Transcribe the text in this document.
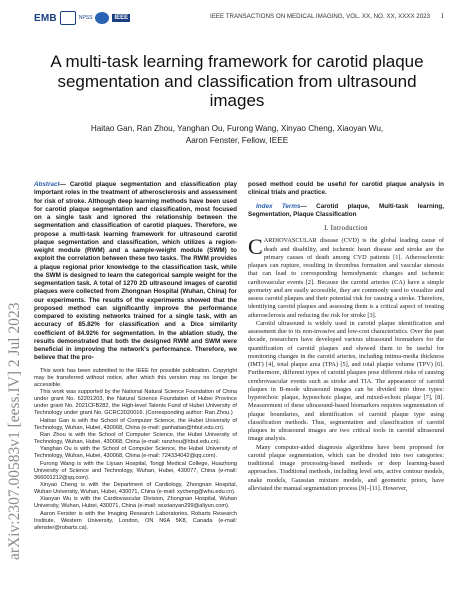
EMB	NPSS	IEEE	IEEE TRANSACTIONS ON MEDICAL IMAGING, VOL. XX, NO. XX, XXXX 2023 1
arXiv:2307.00583v1 [eess.IV] 2 Jul 2023
A multi-task learning framework for carotid plaque segmentation and classification from ultrasound images
Haitao Gan, Ran Zhou, Yanghan Ou, Furong Wang, Xinyao Cheng, Xiaoyan Wu,
Aaron Fenster, Fellow, IEEE

Abstract— Carotid plaque segmentation and classification play important roles in the treatment of atherosclerosis and assessment for risk of stroke. Although deep learning methods have been used for carotid plaque segmentation and classification, most focused on a single task and ignored the relationship between the segmentation and classification of carotid plaques. Therefore, we propose a multi-task learning framework for ultrasound carotid plaque segmentation and classification, which utilizes a region-weight module (RWM) and a sample-weight module (SWM) to exploit the correlation between these two tasks. The RWM provides a plaque regional prior knowledge to the classification task, while the SWM is designed to learn the categorical sample weight for the segmentation task. A total of 1270 2D ultrasound images of carotid plaques were collected from Zhongnan Hospital (Wuhan, China) for our experiments. The results of the experiments showed that the proposed method can significantly improve the performance compared to existing networks trained for a single task, with an accuracy of 85.82% for classification and a Dice similarity coefficient of 84.92% for segmentation. In the ablation study, the results demonstrated that both the designed RWM and SWM were beneficial in improving the network's performance. Therefore, we believe that the pro-

This work has been submitted to the IEEE for possible publication. Copyright may be transferred without notice, after which this version may no longer be accessible.

This work was supported by the National Natural Science Foundation of China under grant No. 62201203, the Natural Science Foundation of Hubei Province under grant No. 2021CFB282, the High-level Talents Fund of Hubei University of Technology under grant No. GCRC2020016. (Corresponding author: Ran Zhou.)

Haitao Gan is with the School of Computer Science, the Hubei University of Technology, Wuhan, Hubei, 430068, China (e-mail: ganhaitao@hbut.edu.cn).

Ran Zhou is with the School of Computer Science, the Hubei University of Technology, Wuhan, Hubei, 430068, China (e-mail: ranzhou@hbut.edu.cn).

Yanghan Ou is with the School of Computer Science, the Hubei University of Technology, Wuhan, Hubei, 430068, China (e-mail: 724334042@qq.com).

Furong Wang is with the Liyuan Hospital, Tongji Medical College, Huazhong University of Science and Technology, Wuhan, Hubei, 430077, China (e-mail: 366001212@qq.com).

Xinyao Cheng is with the Department of Cardiology, Zhongnan Hospital, Wuhan University, Wuhan, Hubei, 430071, China (e-mail: xycheng@whu.edu.cn).

Xiaoyan Wu is with the Cardiovascular Division, Zhongnan Hospital, Wuhan University, Wuhan, Hubei, 430071, China (e-mail: wuxiaoyan299@aliyun.com).

Aaron Fenster is with the Imaging Research Laboratories, Robarts Research Institute, Western University, London, ON N6A 5K8, Canada (e-mail: afenster@robarts.ca).

posed method could be useful for carotid plaque analysis in clinical trials and practice.

Index Terms— Carotid plaque, Multi-task learning, Segmentation, Plaque Classification

I. Introduction

CARDIOVASCULAR disease (CVD) is the global leading cause of death and disability, and ischemic heart disease and stroke are the primary causes of death among CVD patients [1]. Atherosclerotic plaques can rupture, resulting in thrombus formation and vascular stenosis that can lead to corresponding hemodynamic changes and ischemic cardiovascular events [2]. Because the carotid arteries (CA) have a simple geometry and are easily accessible, they are commonly used to visualize and assess carotid plaques and their potential risk for causing a stroke. Therefore, identifying carotid plaques and assessing them is a critical aspect of treating atherosclerosis and reducing the risk for stroke [3].

Carotid ultrasound is widely used in carotid plaque identification and assessment due to its non-invasive and low-cost characteristics. Over the past decade, researchers have developed various ultrasound biomarkers for the quantification of carotid plaques and showed them to be useful for monitoring changes in the carotid arteries, including intima-media thickness (IMT) [4], total plaque area (TPA) [5], and total plaque volume (TPV) [6]. Furthermore, different types of carotid plaques pose different risks of causing cerebrovascular events such as stroke and TIA. The appearance of carotid plaques in B-mode ultrasound images can be divided into three types: hyperechoic plaque, hypoechoic plaque, and mixed-echoic plaque [7], [8]. Measurement of these ultrasound-based biomarkers requires segmentation of plaque boundaries, and identification of carotid plaque type using classification methods. Thus, segmentation and classification of carotid plaques in ultrasound images are two critical tools in carotid ultrasound image analysis.

Many computer-aided diagnosis algorithms have been proposed for carotid plaque segmentation, which can be divided into two categories: traditional image processing-based methods or deep learning-based approaches. Traditional methods, including level sets, active contour models, snake models, Gaussian mixture models, and geometric priors, have alleviated the manual segmentation process [9]–[11]. However,
